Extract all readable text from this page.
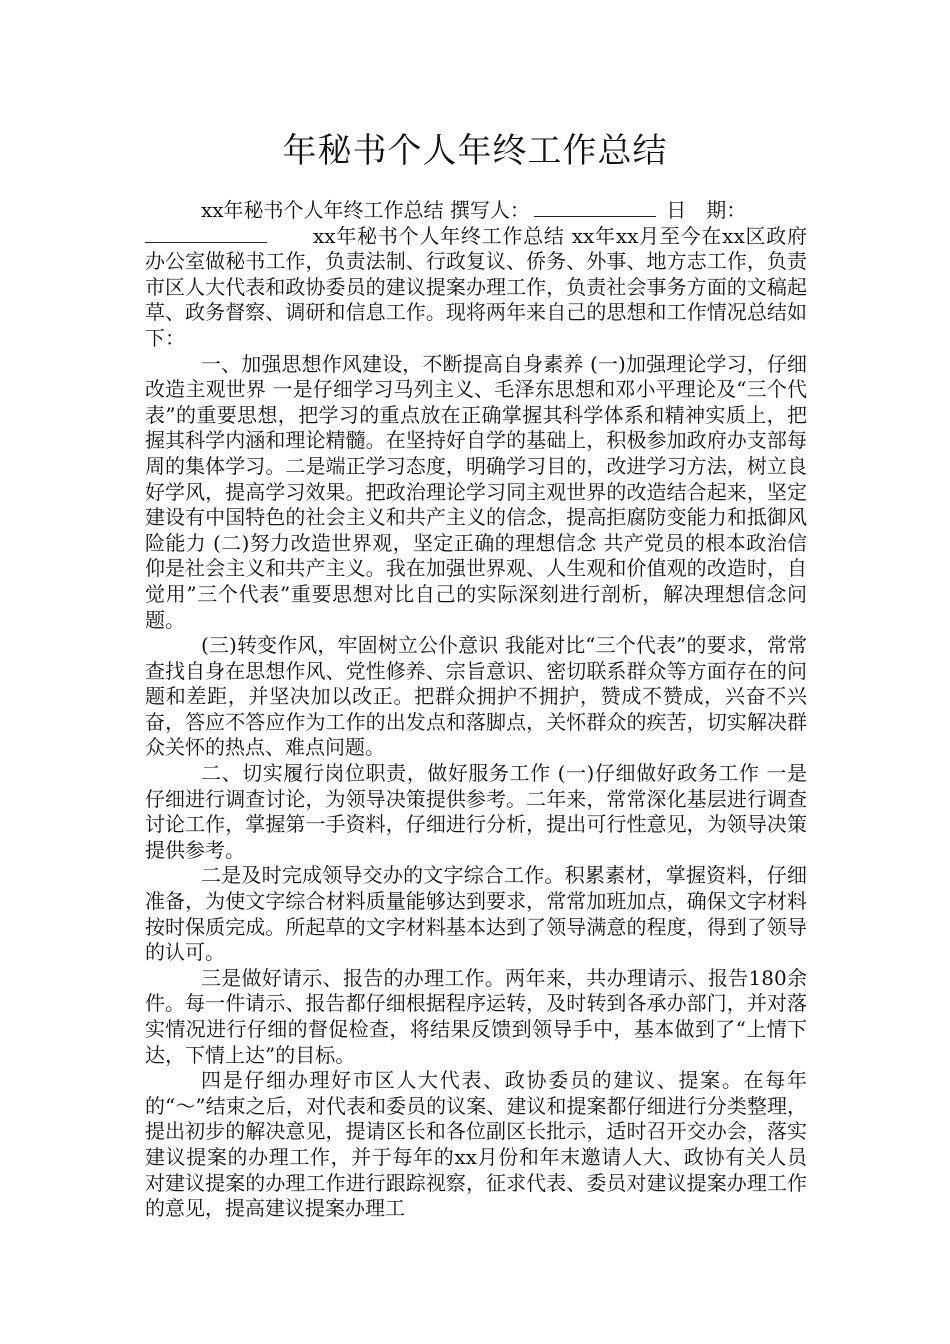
年秘书个人年终工作总结

xx年秘书个人年终工作总结 撰写人：	日　期：

xx年秘书个人年终工作总结 xx年xx月至今在xx区政府办公室做秘书工作，负责法制、行政复议、侨务、外事、地方志工作，负责市区人大代表和政协委员的建议提案办理工作，负责社会事务方面的文稿起草、政务督察、调研和信息工作。现将两年来自己的思想和工作情况总结如下：

一、加强思想作风建设，不断提高自身素养 (一)加强理论学习，仔细改造主观世界 一是仔细学习马列主义、毛泽东思想和邓小平理论及“三个代表”的重要思想，把学习的重点放在正确掌握其科学体系和精神实质上，把握其科学内涵和理论精髓。在坚持好自学的基础上，积极参加政府办支部每周的集体学习。二是端正学习态度，明确学习目的，改进学习方法，树立良好学风，提高学习效果。把政治理论学习同主观世界的改造结合起来，坚定建设有中国特色的社会主义和共产主义的信念，提高拒腐防变能力和抵御风险能力 (二)努力改造世界观，坚定正确的理想信念 共产党员的根本政治信仰是社会主义和共产主义。我在加强世界观、人生观和价值观的改造时，自觉用”三个代表”重要思想对比自己的实际深刻进行剖析，解决理想信念问题。

(三)转变作风，牢固树立公仆意识 我能对比“三个代表”的要求，常常查找自身在思想作风、党性修养、宗旨意识、密切联系群众等方面存在的问题和差距，并坚决加以改正。把群众拥护不拥护，赞成不赞成，兴奋不兴奋，答应不答应作为工作的出发点和落脚点，关怀群众的疾苦，切实解决群众关怀的热点、难点问题。

二、切实履行岗位职责，做好服务工作 (一)仔细做好政务工作 一是仔细进行调查讨论，为领导决策提供参考。二年来，常常深化基层进行调查讨论工作，掌握第一手资料，仔细进行分析，提出可行性意见，为领导决策提供参考。

二是及时完成领导交办的文字综合工作。积累素材，掌握资料，仔细准备，为使文字综合材料质量能够达到要求，常常加班加点，确保文字材料按时保质完成。所起草的文字材料基本达到了领导满意的程度，得到了领导的认可。

三是做好请示、报告的办理工作。两年来，共办理请示、报告180余件。每一件请示、报告都仔细根据程序运转，及时转到各承办部门，并对落实情况进行仔细的督促检查，将结果反馈到领导手中，基本做到了“上情下达，下情上达”的目标。

四是仔细办理好市区人大代表、政协委员的建议、提案。在每年的“～”结束之后，对代表和委员的议案、建议和提案都仔细进行分类整理，提出初步的解决意见，提请区长和各位副区长批示，适时召开交办会，落实建议提案的办理工作，并于每年的xx月份和年末邀请人大、政协有关人员对建议提案的办理工作进行跟踪视察，征求代表、委员对建议提案办理工作的意见，提高建议提案办理工
